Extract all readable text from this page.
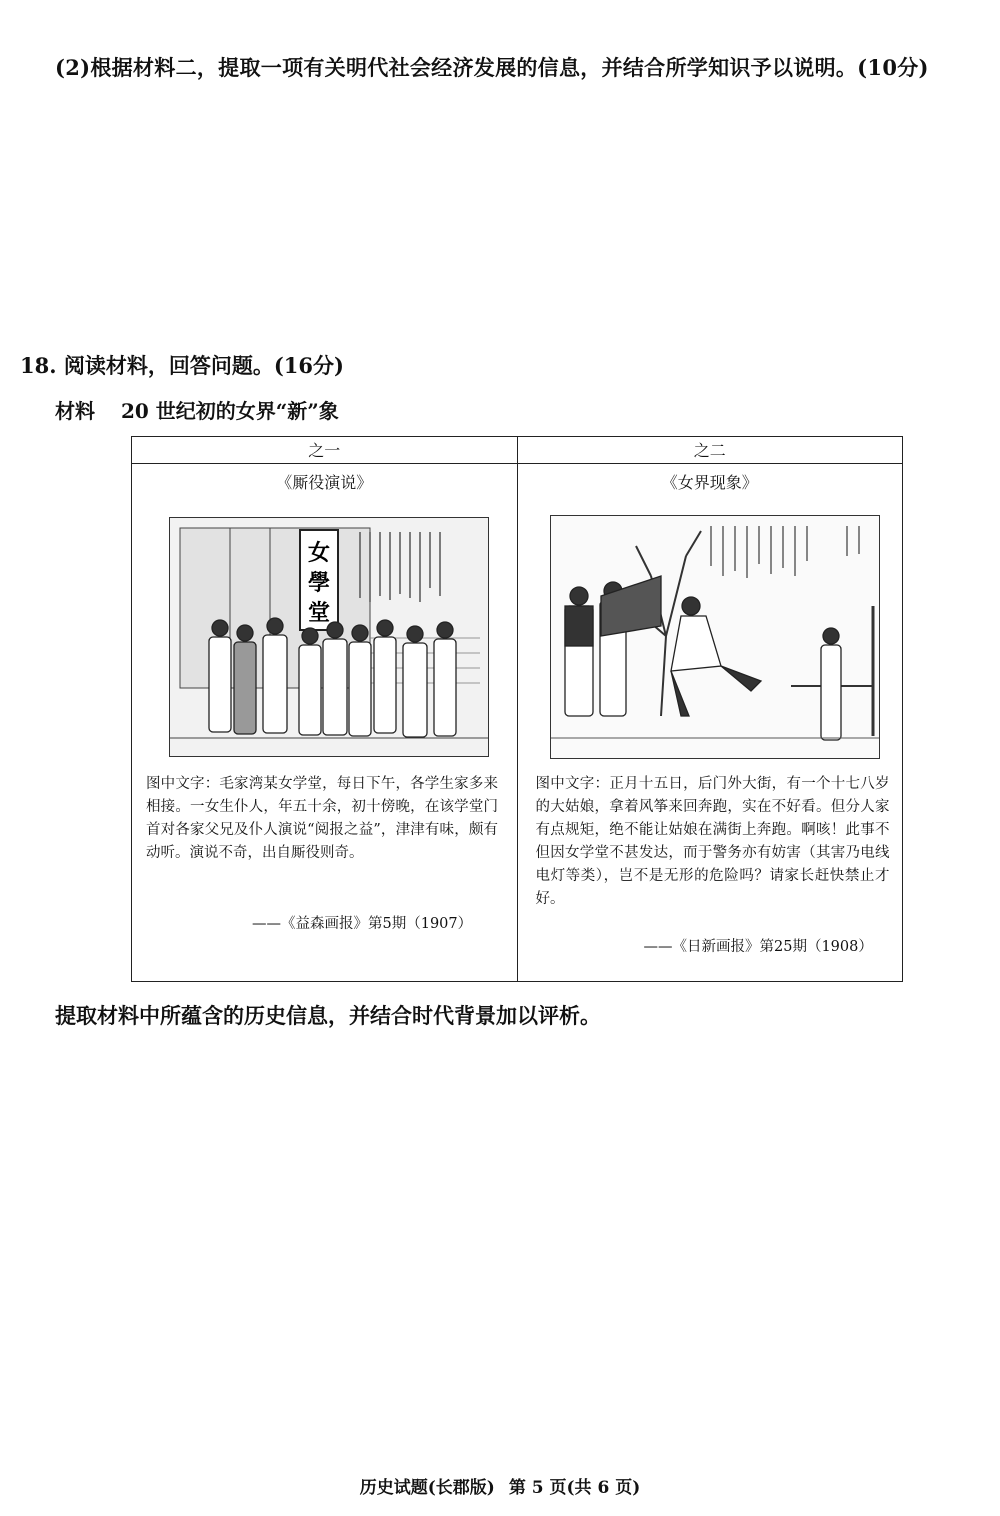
(2)根据材料二，提取一项有关明代社会经济发展的信息，并结合所学知识予以说明。(10分)
18. 阅读材料，回答问题。(16分)
材料 20 世纪初的女界“新”象
之一
《厮役演说》
女
學
堂
图中文字：毛家湾某女学堂，每日下午，各学生家多来相接。一女生仆人，年五十余，初十傍晚，在该学堂门首对各家父兄及仆人演说“阅报之益”，津津有味，颇有动听。演说不奇，出自厮役则奇。
——《益森画报》第5期（1907）
之二
《女界现象》
图中文字：正月十五日，后门外大街，有一个十七八岁的大姑娘，拿着风筝来回奔跑，实在不好看。但分人家有点规矩，绝不能让姑娘在满街上奔跑。啊咳！此事不但因女学堂不甚发达，而于警务亦有妨害（其害乃电线电灯等类），岂不是无形的危险吗？请家长赶快禁止才好。
——《日新画报》第25期（1908）
提取材料中所蕴含的历史信息，并结合时代背景加以评析。
历史试题(长郡版) 第 5 页(共 6 页)
